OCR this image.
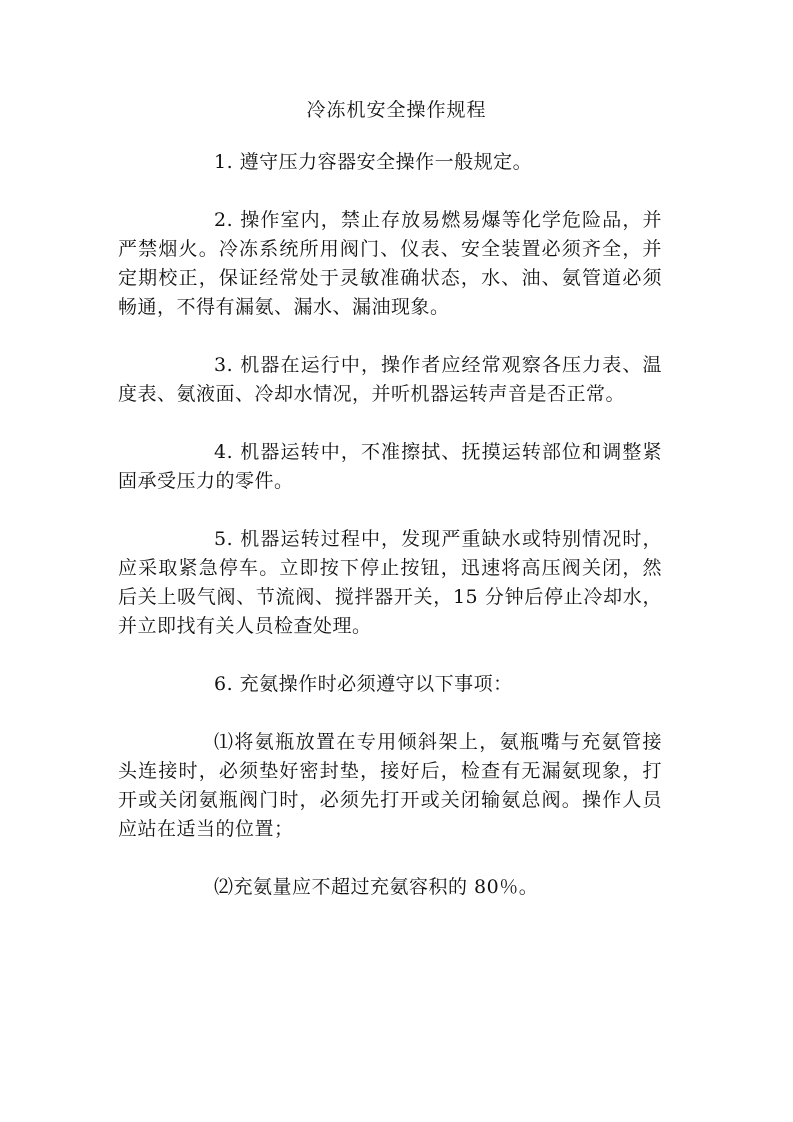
冷冻机安全操作规程

1. 遵守压力容器安全操作一般规定。

2. 操作室内，禁止存放易燃易爆等化学危险品，并严禁烟火。冷冻系统所用阀门、仪表、安全装置必须齐全，并定期校正，保证经常处于灵敏准确状态，水、油、氨管道必须畅通，不得有漏氨、漏水、漏油现象。

3. 机器在运行中，操作者应经常观察各压力表、温度表、氨液面、冷却水情况，并听机器运转声音是否正常。

4. 机器运转中，不准擦拭、抚摸运转部位和调整紧固承受压力的零件。

5. 机器运转过程中，发现严重缺水或特别情况时，应采取紧急停车。立即按下停止按钮，迅速将高压阀关闭，然后关上吸气阀、节流阀、搅拌器开关，15 分钟后停止冷却水，并立即找有关人员检查处理。

6. 充氨操作时必须遵守以下事项：

⑴将氨瓶放置在专用倾斜架上，氨瓶嘴与充氨管接头连接时，必须垫好密封垫，接好后，检查有无漏氨现象，打开或关闭氨瓶阀门时，必须先打开或关闭输氨总阀。操作人员应站在适当的位置；

⑵充氨量应不超过充氨容积的 80％。
